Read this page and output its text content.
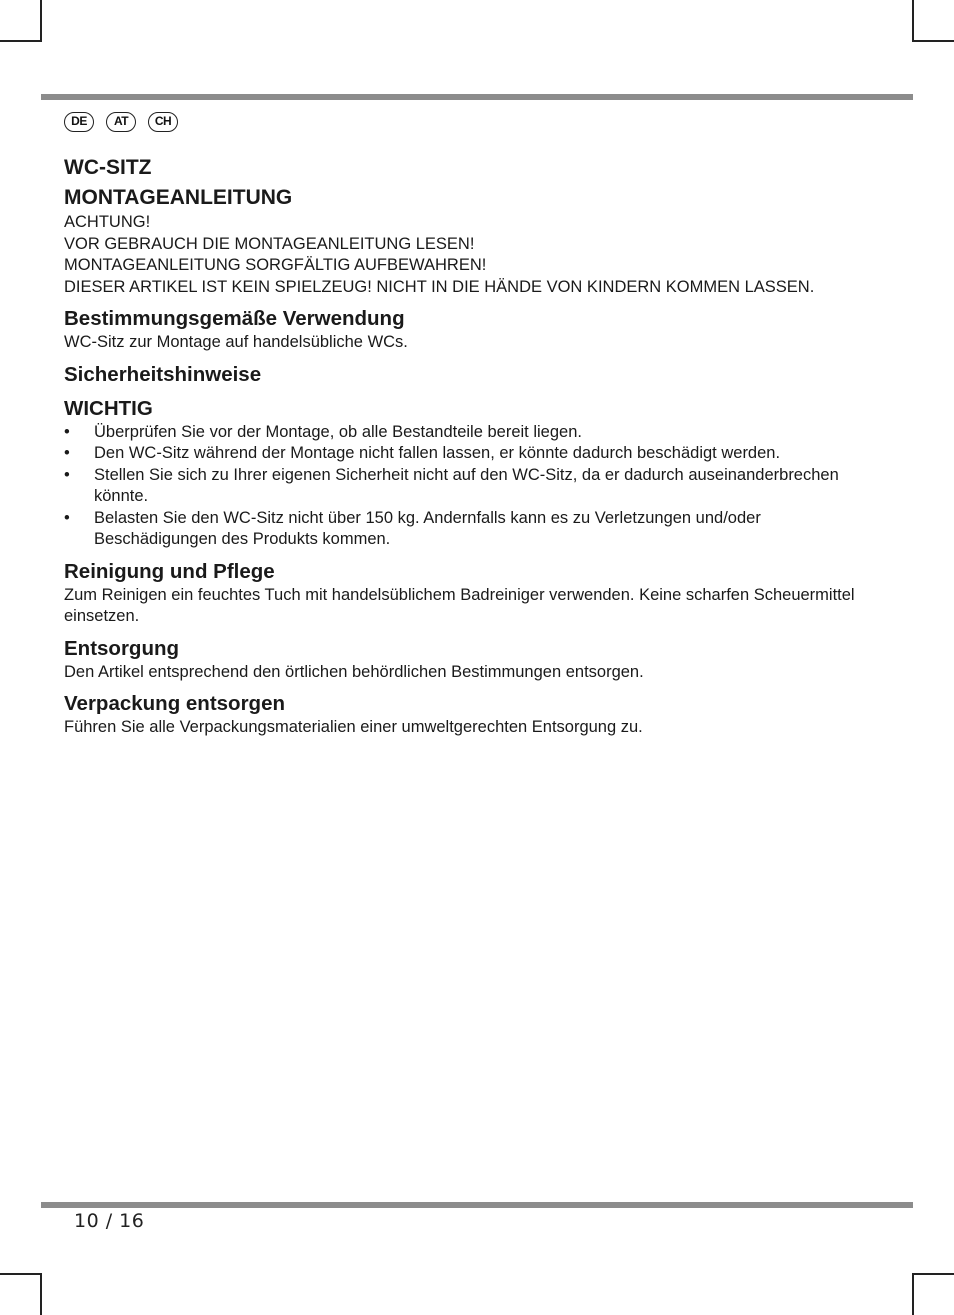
DE	AT	CH
WC-SITZ
MONTAGEANLEITUNG

ACHTUNG!

VOR GEBRAUCH DIE MONTAGEANLEITUNG LESEN!

MONTAGEANLEITUNG SORGFÄLTIG AUFBEWAHREN!

DIESER ARTIKEL IST KEIN SPIELZEUG! NICHT IN DIE HÄNDE VON KINDERN KOMMEN LASSEN.

Bestimmungsgemäße Verwendung

WC-Sitz zur Montage auf handelsübliche WCs.

Sicherheitshinweise
WICHTIG
• Überprüfen Sie vor der Montage, ob alle Bestandteile bereit liegen.
• Den WC-Sitz während der Montage nicht fallen lassen, er könnte dadurch beschädigt werden.
• Stellen Sie sich zu Ihrer eigenen Sicherheit nicht auf den WC-Sitz, da er dadurch auseinanderbrechen könnte.
• Belasten Sie den WC-Sitz nicht über 150 kg. Andernfalls kann es zu Verletzungen und/oder Beschädigungen des Produkts kommen.
Reinigung und Pflege

Zum Reinigen ein feuchtes Tuch mit handelsüblichem Badreiniger verwenden. Keine scharfen Scheuermittel einsetzen.

Entsorgung

Den Artikel entsprechend den örtlichen behördlichen Bestimmungen entsorgen.

Verpackung entsorgen

Führen Sie alle Verpackungsmaterialien einer umweltgerechten Entsorgung zu.

10 / 16
